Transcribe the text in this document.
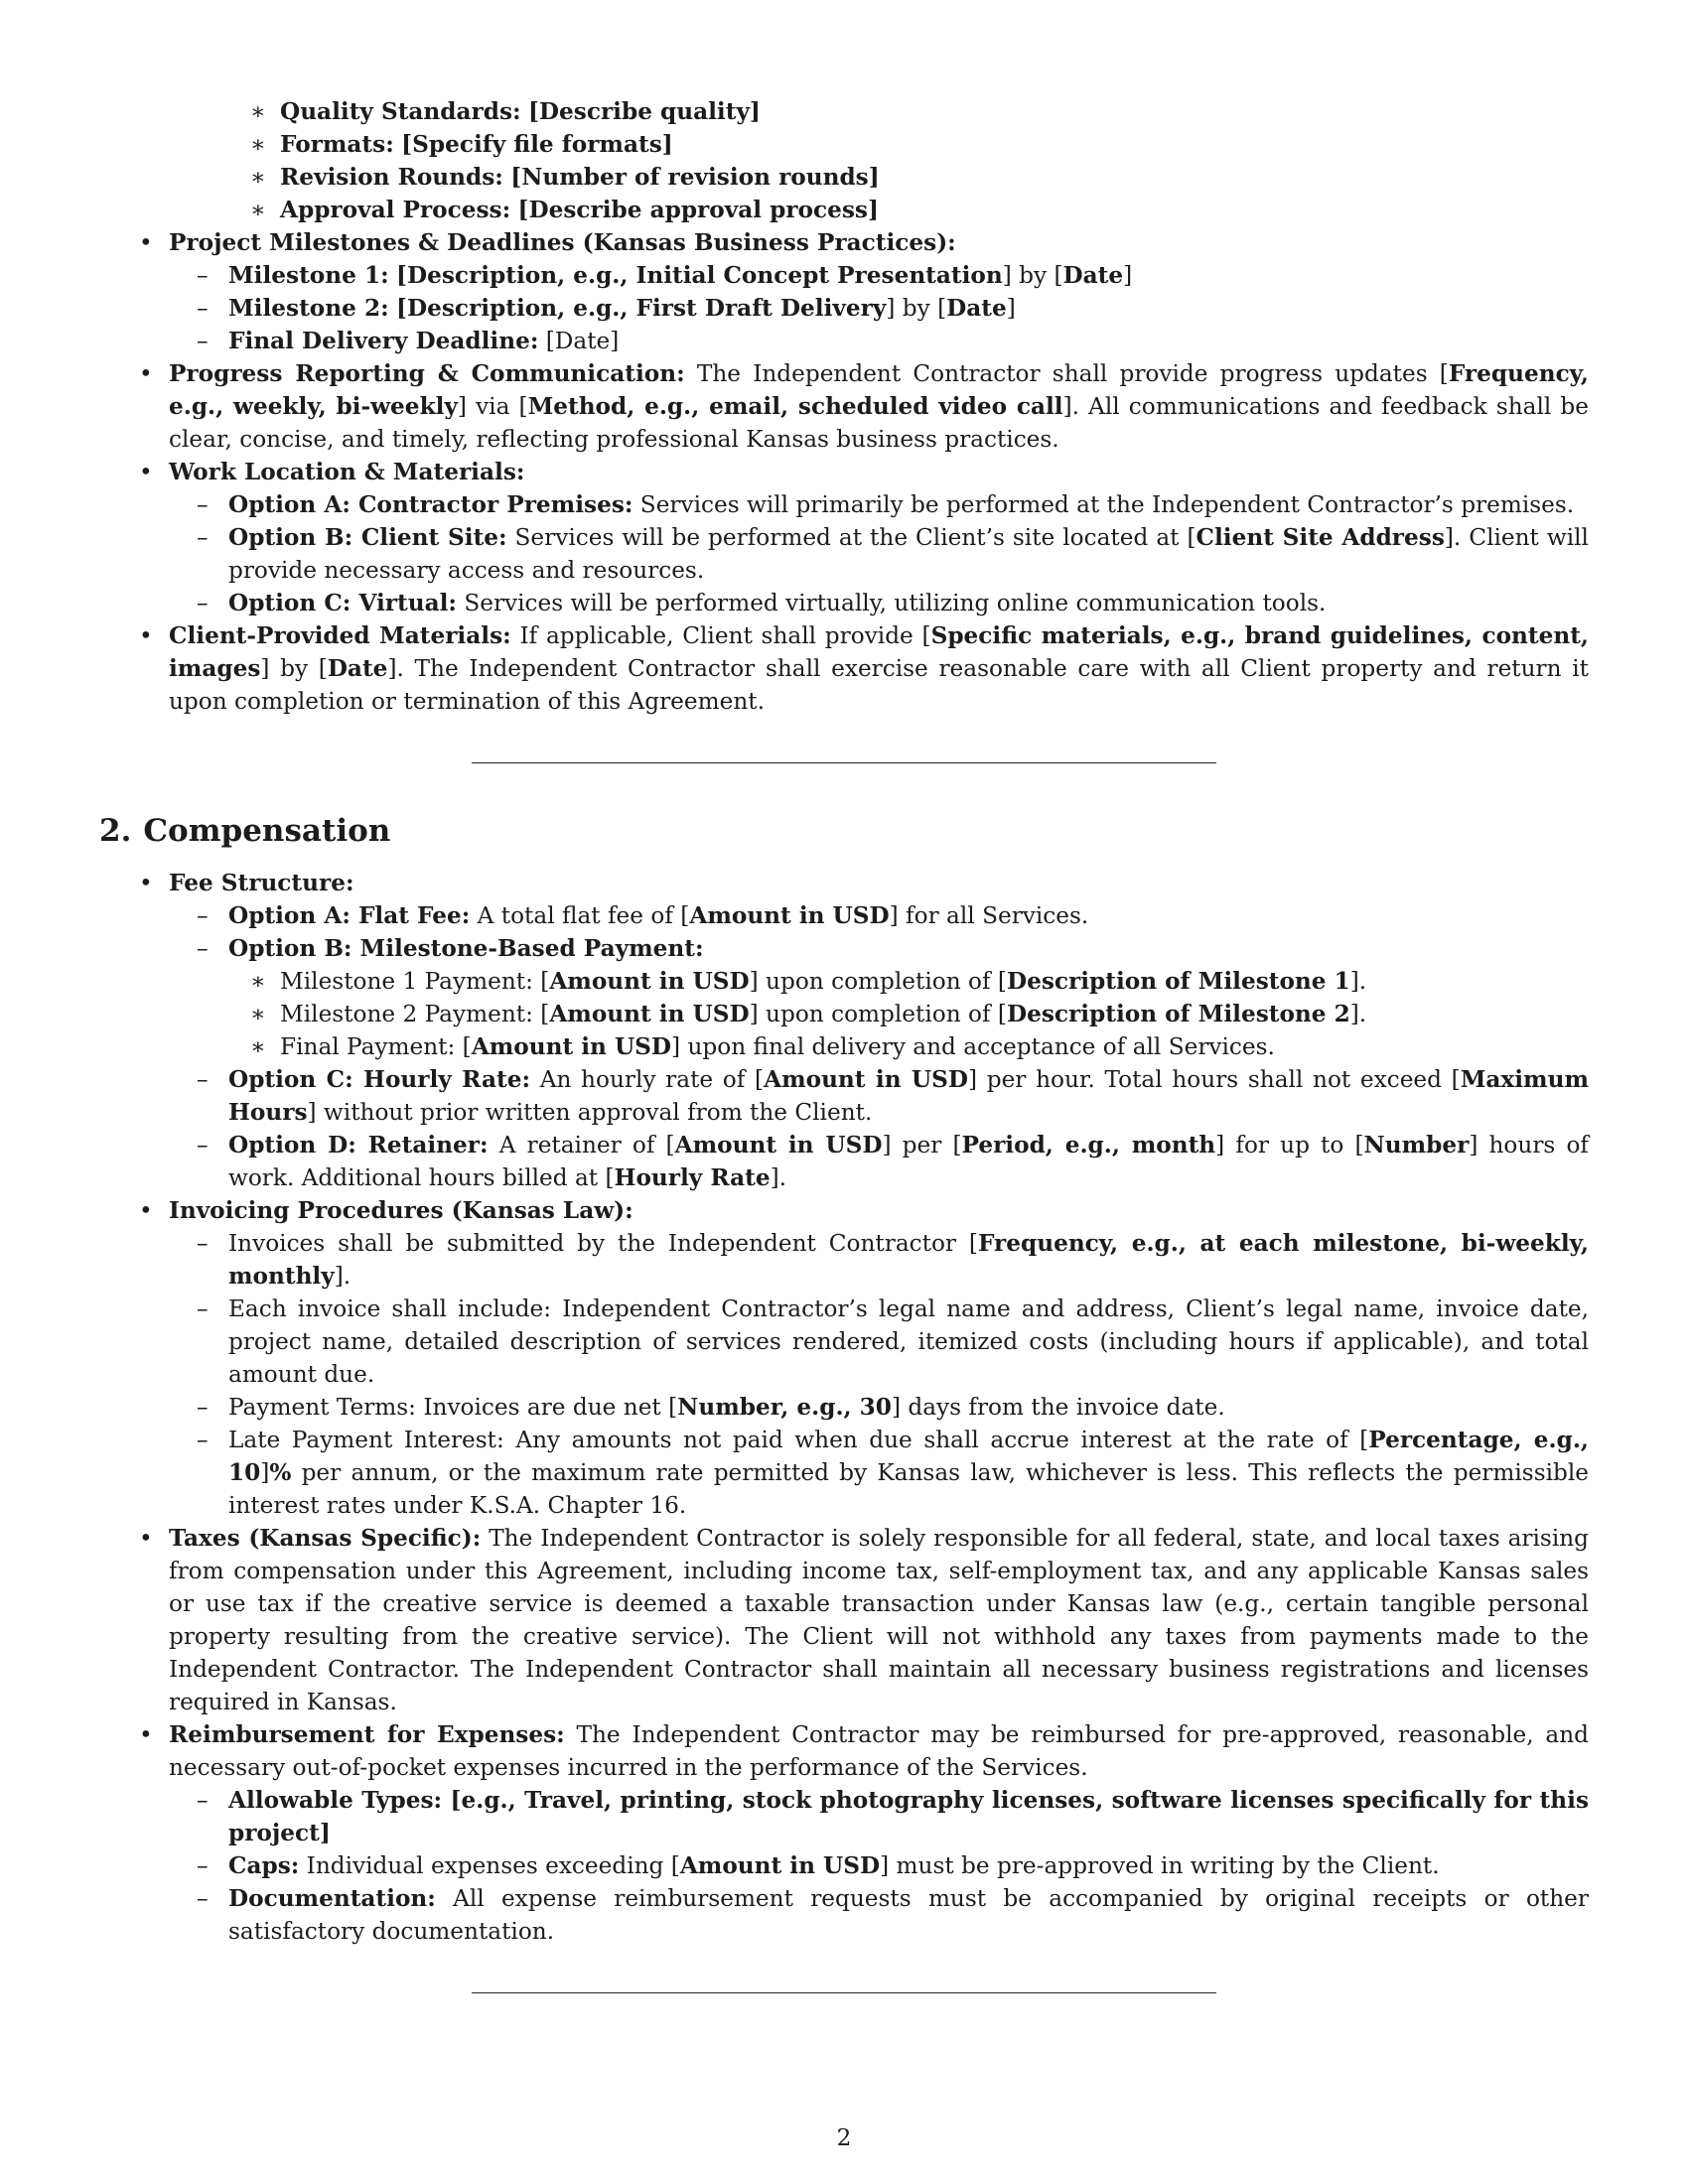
∗ Quality Standards: [Describe quality]

∗ Formats: [Specify file formats]

∗ Revision Rounds: [Number of revision rounds]

∗ Approval Process: [Describe approval process]

• Project Milestones & Deadlines (Kansas Business Practices):

– Milestone 1: [Description, e.g., Initial Concept Presentation] by [Date]

– Milestone 2: [Description, e.g., First Draft Delivery] by [Date]

– Final Delivery Deadline: [Date]

• Progress Reporting & Communication: The Independent Contractor shall provide progress updates [Frequency, e.g., weekly, bi-weekly] via [Method, e.g., email, scheduled video call]. All communications and feedback shall be clear, concise, and timely, reflecting professional Kansas business practices.

• Work Location & Materials:

– Option A: Contractor Premises: Services will primarily be performed at the Independent Contractor’s premises.

– Option B: Client Site: Services will be performed at the Client’s site located at [Client Site Address]. Client will provide necessary access and resources.

– Option C: Virtual: Services will be performed virtually, utilizing online communication tools.

• Client-Provided Materials: If applicable, Client shall provide [Specific materials, e.g., brand guidelines, content, images] by [Date]. The Independent Contractor shall exercise reasonable care with all Client property and return it upon completion or termination of this Agreement.

2. Compensation

• Fee Structure:

– Option A: Flat Fee: A total flat fee of [Amount in USD] for all Services.

– Option B: Milestone-Based Payment:

∗ Milestone 1 Payment: [Amount in USD] upon completion of [Description of Milestone 1].

∗ Milestone 2 Payment: [Amount in USD] upon completion of [Description of Milestone 2].

∗ Final Payment: [Amount in USD] upon final delivery and acceptance of all Services.

– Option C: Hourly Rate: An hourly rate of [Amount in USD] per hour. Total hours shall not exceed [Maximum Hours] without prior written approval from the Client.

– Option D: Retainer: A retainer of [Amount in USD] per [Period, e.g., month] for up to [Number] hours of work. Additional hours billed at [Hourly Rate].

• Invoicing Procedures (Kansas Law):

– Invoices shall be submitted by the Independent Contractor [Frequency, e.g., at each milestone, bi-weekly, monthly].

– Each invoice shall include: Independent Contractor’s legal name and address, Client’s legal name, invoice date, project name, detailed description of services rendered, itemized costs (including hours if applicable), and total amount due.

– Payment Terms: Invoices are due net [Number, e.g., 30] days from the invoice date.

– Late Payment Interest: Any amounts not paid when due shall accrue interest at the rate of [Percentage, e.g., 10]% per annum, or the maximum rate permitted by Kansas law, whichever is less. This reflects the permissible interest rates under K.S.A. Chapter 16.

• Taxes (Kansas Specific): The Independent Contractor is solely responsible for all federal, state, and local taxes arising from compensation under this Agreement, including income tax, self-employment tax, and any applicable Kansas sales or use tax if the creative service is deemed a taxable transaction under Kansas law (e.g., certain tangible personal property resulting from the creative service). The Client will not withhold any taxes from payments made to the Independent Contractor. The Independent Contractor shall maintain all necessary business registrations and licenses required in Kansas.

• Reimbursement for Expenses: The Independent Contractor may be reimbursed for pre-approved, reasonable, and necessary out-of-pocket expenses incurred in the performance of the Services.

– Allowable Types: [e.g., Travel, printing, stock photography licenses, software licenses specifically for this project]

– Caps: Individual expenses exceeding [Amount in USD] must be pre-approved in writing by the Client.

– Documentation: All expense reimbursement requests must be accompanied by original receipts or other satisfactory documentation.

2
